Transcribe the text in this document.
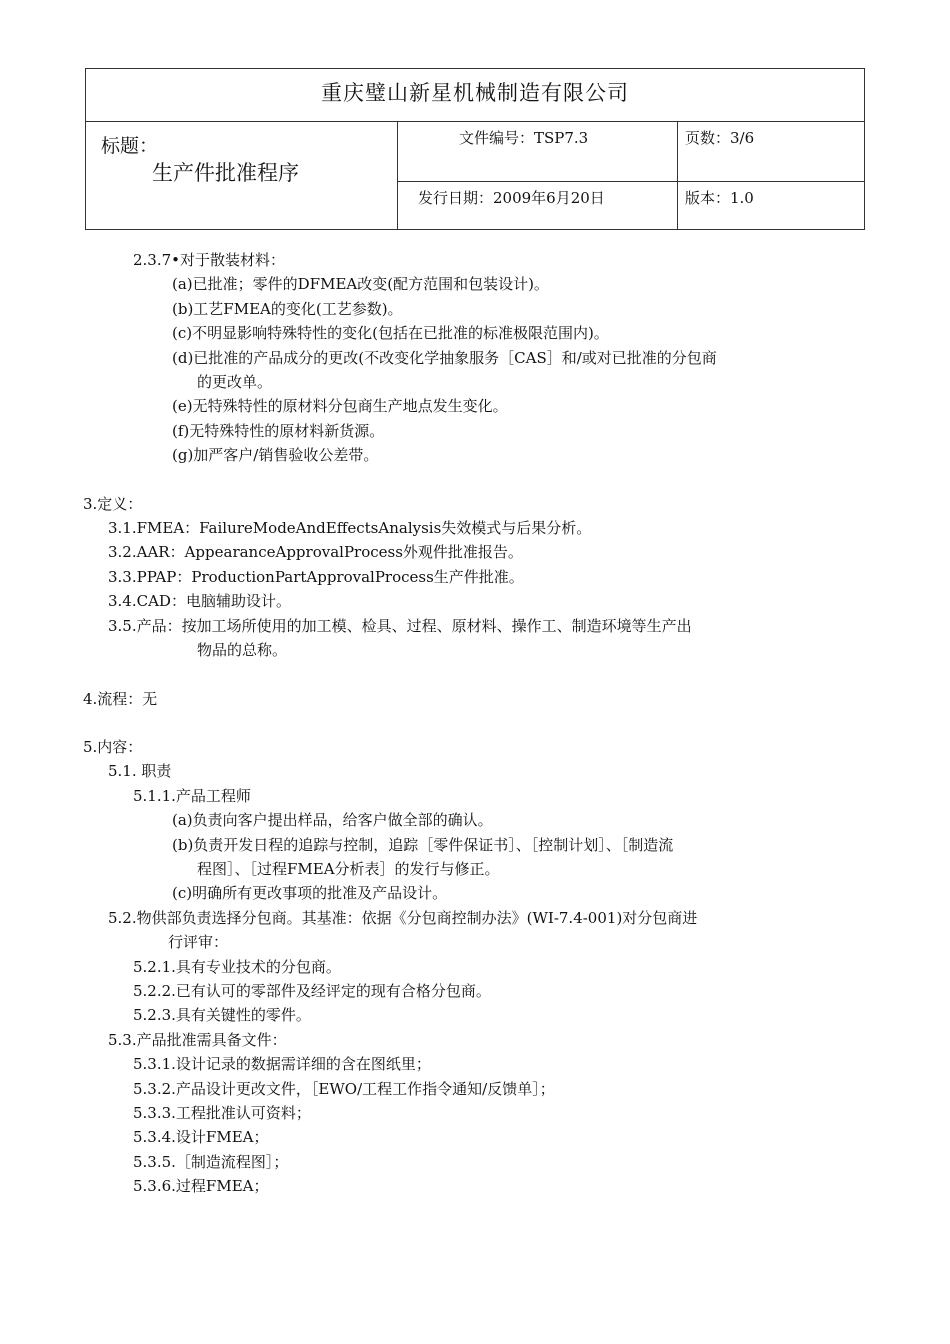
重庆璧山新星机械制造有限公司
标题：
生产件批准程序
文件编号：TSP7.3	页数：3/6
发行日期：2009年6月20日	版本：1.0
2.3.7•对于散装材料：
(a)已批准；零件的DFMEA改变(配方范围和包装设计)。
(b)工艺FMEA的变化(工艺参数)。
(c)不明显影响特殊特性的变化(包括在已批准的标准极限范围内)。
(d)已批准的产品成分的更改(不改变化学抽象服务［CAS］和/或对已批准的分包商
的更改单。
(e)无特殊特性的原材料分包商生产地点发生变化。
(f)无特殊特性的原材料新货源。
(g)加严客户/销售验收公差带。
3.定义：
3.1.FMEA：FailureModeAndEffectsAnalysis失效模式与后果分析。
3.2.AAR：AppearanceApprovalProcess外观件批准报告。
3.3.PPAP：ProductionPartApprovalProcess生产件批准。
3.4.CAD：电脑辅助设计。
3.5.产品：按加工场所使用的加工模、检具、过程、原材料、操作工、制造环境等生产出
物品的总称。
4.流程：无
5.内容：
5.1. 职责
5.1.1.产品工程师
(a)负责向客户提出样品，给客户做全部的确认。
(b)负责开发日程的追踪与控制，追踪［零件保证书］、［控制计划］、［制造流
程图］、［过程FMEA分析表］的发行与修正。
(c)明确所有更改事项的批准及产品设计。
5.2.物供部负责选择分包商。其基准：依据《分包商控制办法》(WI-7.4-001)对分包商进
行评审：
5.2.1.具有专业技术的分包商。
5.2.2.已有认可的零部件及经评定的现有合格分包商。
5.2.3.具有关键性的零件。
5.3.产品批准需具备文件：
5.3.1.设计记录的数据需详细的含在图纸里；
5.3.2.产品设计更改文件，［EWO/工程工作指令通知/反馈单］；
5.3.3.工程批准认可资料；
5.3.4.设计FMEA；
5.3.5.［制造流程图］；
5.3.6.过程FMEA；
